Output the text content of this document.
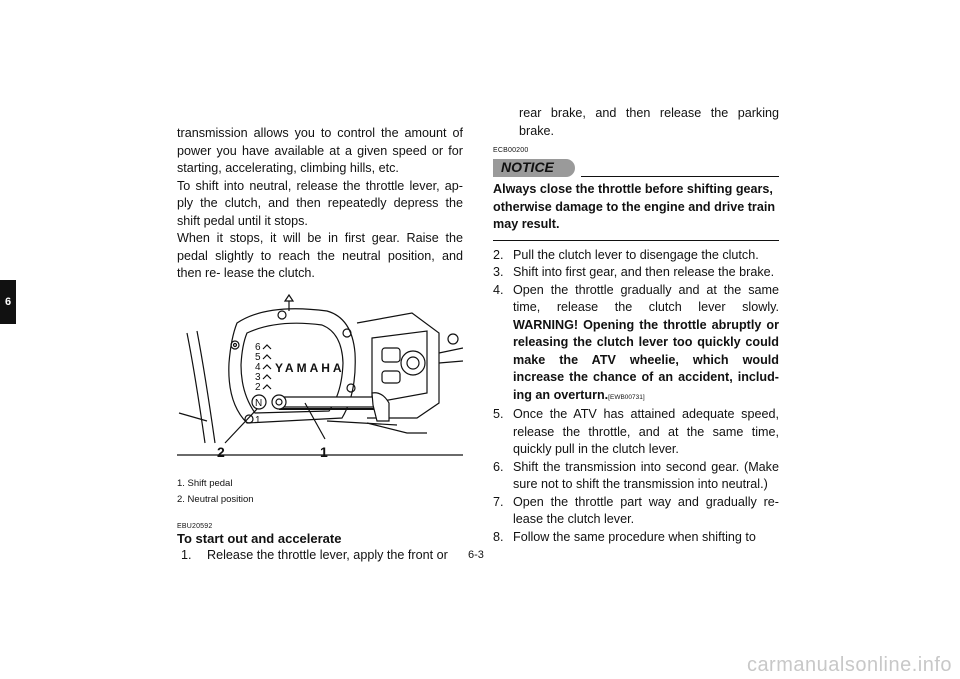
6

transmission allows you to control the amount of power you have available at a given speed or for starting, accelerating, climbing hills, etc.

To shift into neutral, release the throttle lever, ap- ply the clutch, and then repeatedly depress the shift pedal until it stops.

When it stops, it will be in first gear. Raise the pedal slightly to reach the neutral position, and then re- lease the clutch.

6
5
4
3
2
N
1
YAMAHA
2	1
1. Shift pedal
2. Neutral position
EBU20592
To start out and accelerate
1.	Release the throttle lever, apply the front or
rear brake, and then release the parking brake.
ECB00200
NOTICE
Always close the throttle before shifting gears, otherwise damage to the engine and drive train may result.
2. Pull the clutch lever to disengage the clutch.
3. Shift into first gear, and then release the brake.
4. Open the throttle gradually and at the same time, release the clutch lever slowly. WARNING! Opening the throttle abruptly or releasing the clutch lever too quickly could make the ATV wheelie, which would increase the chance of an accident, includ- ing an overturn.[EWB00731]
5. Once the ATV has attained adequate speed, release the throttle, and at the same time, quickly pull in the clutch lever.
6. Shift the transmission into second gear. (Make sure not to shift the transmission into neutral.)
7. Open the throttle part way and gradually re- lease the clutch lever.
8. Follow the same procedure when shifting to
6-3
carmanualsonline.info
